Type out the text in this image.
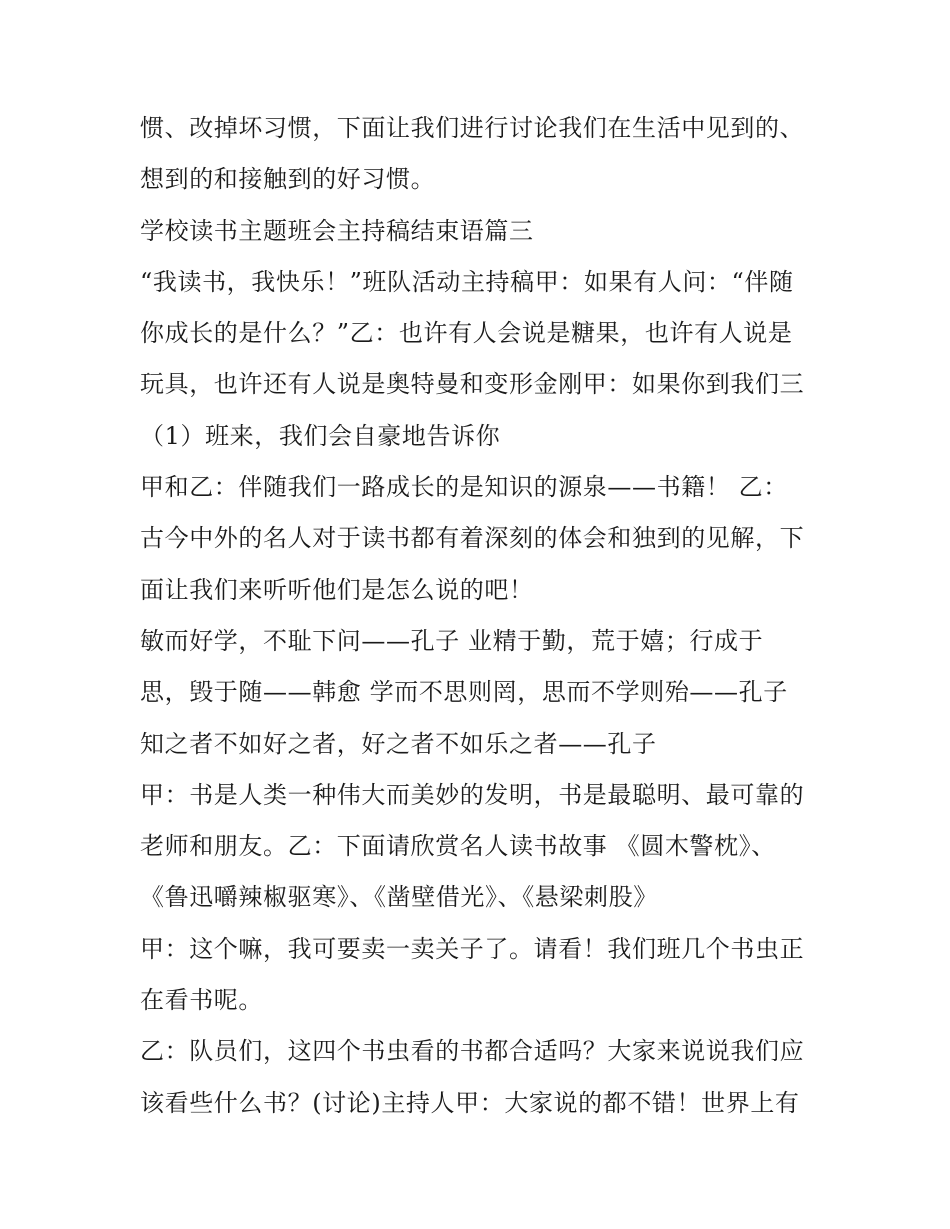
惯、改掉坏习惯，下面让我们进行讨论我们在生活中见到的、
想到的和接触到的好习惯。
学校读书主题班会主持稿结束语篇三
“我读书，我快乐！”班队活动主持稿甲：如果有人问：“伴随
你成长的是什么？”乙：也许有人会说是糖果，也许有人说是
玩具，也许还有人说是奥特曼和变形金刚甲：如果你到我们三
（1）班来，我们会自豪地告诉你
甲和乙：伴随我们一路成长的是知识的源泉——书籍！ 乙：
古今中外的名人对于读书都有着深刻的体会和独到的见解，下
面让我们来听听他们是怎么说的吧！
敏而好学，不耻下问——孔子 业精于勤，荒于嬉；行成于
思，毁于随——韩愈 学而不思则罔，思而不学则殆——孔子
知之者不如好之者，好之者不如乐之者——孔子
甲：书是人类一种伟大而美妙的发明，书是最聪明、最可靠的
老师和朋友。乙：下面请欣赏名人读书故事 《圆木警枕》、
《鲁迅嚼辣椒驱寒》、《凿壁借光》、《悬梁刺股》
甲：这个嘛，我可要卖一卖关子了。请看！我们班几个书虫正
在看书呢。
乙：队员们，这四个书虫看的书都合适吗？大家来说说我们应
该看些什么书？(讨论)主持人甲：大家说的都不错！世界上有
